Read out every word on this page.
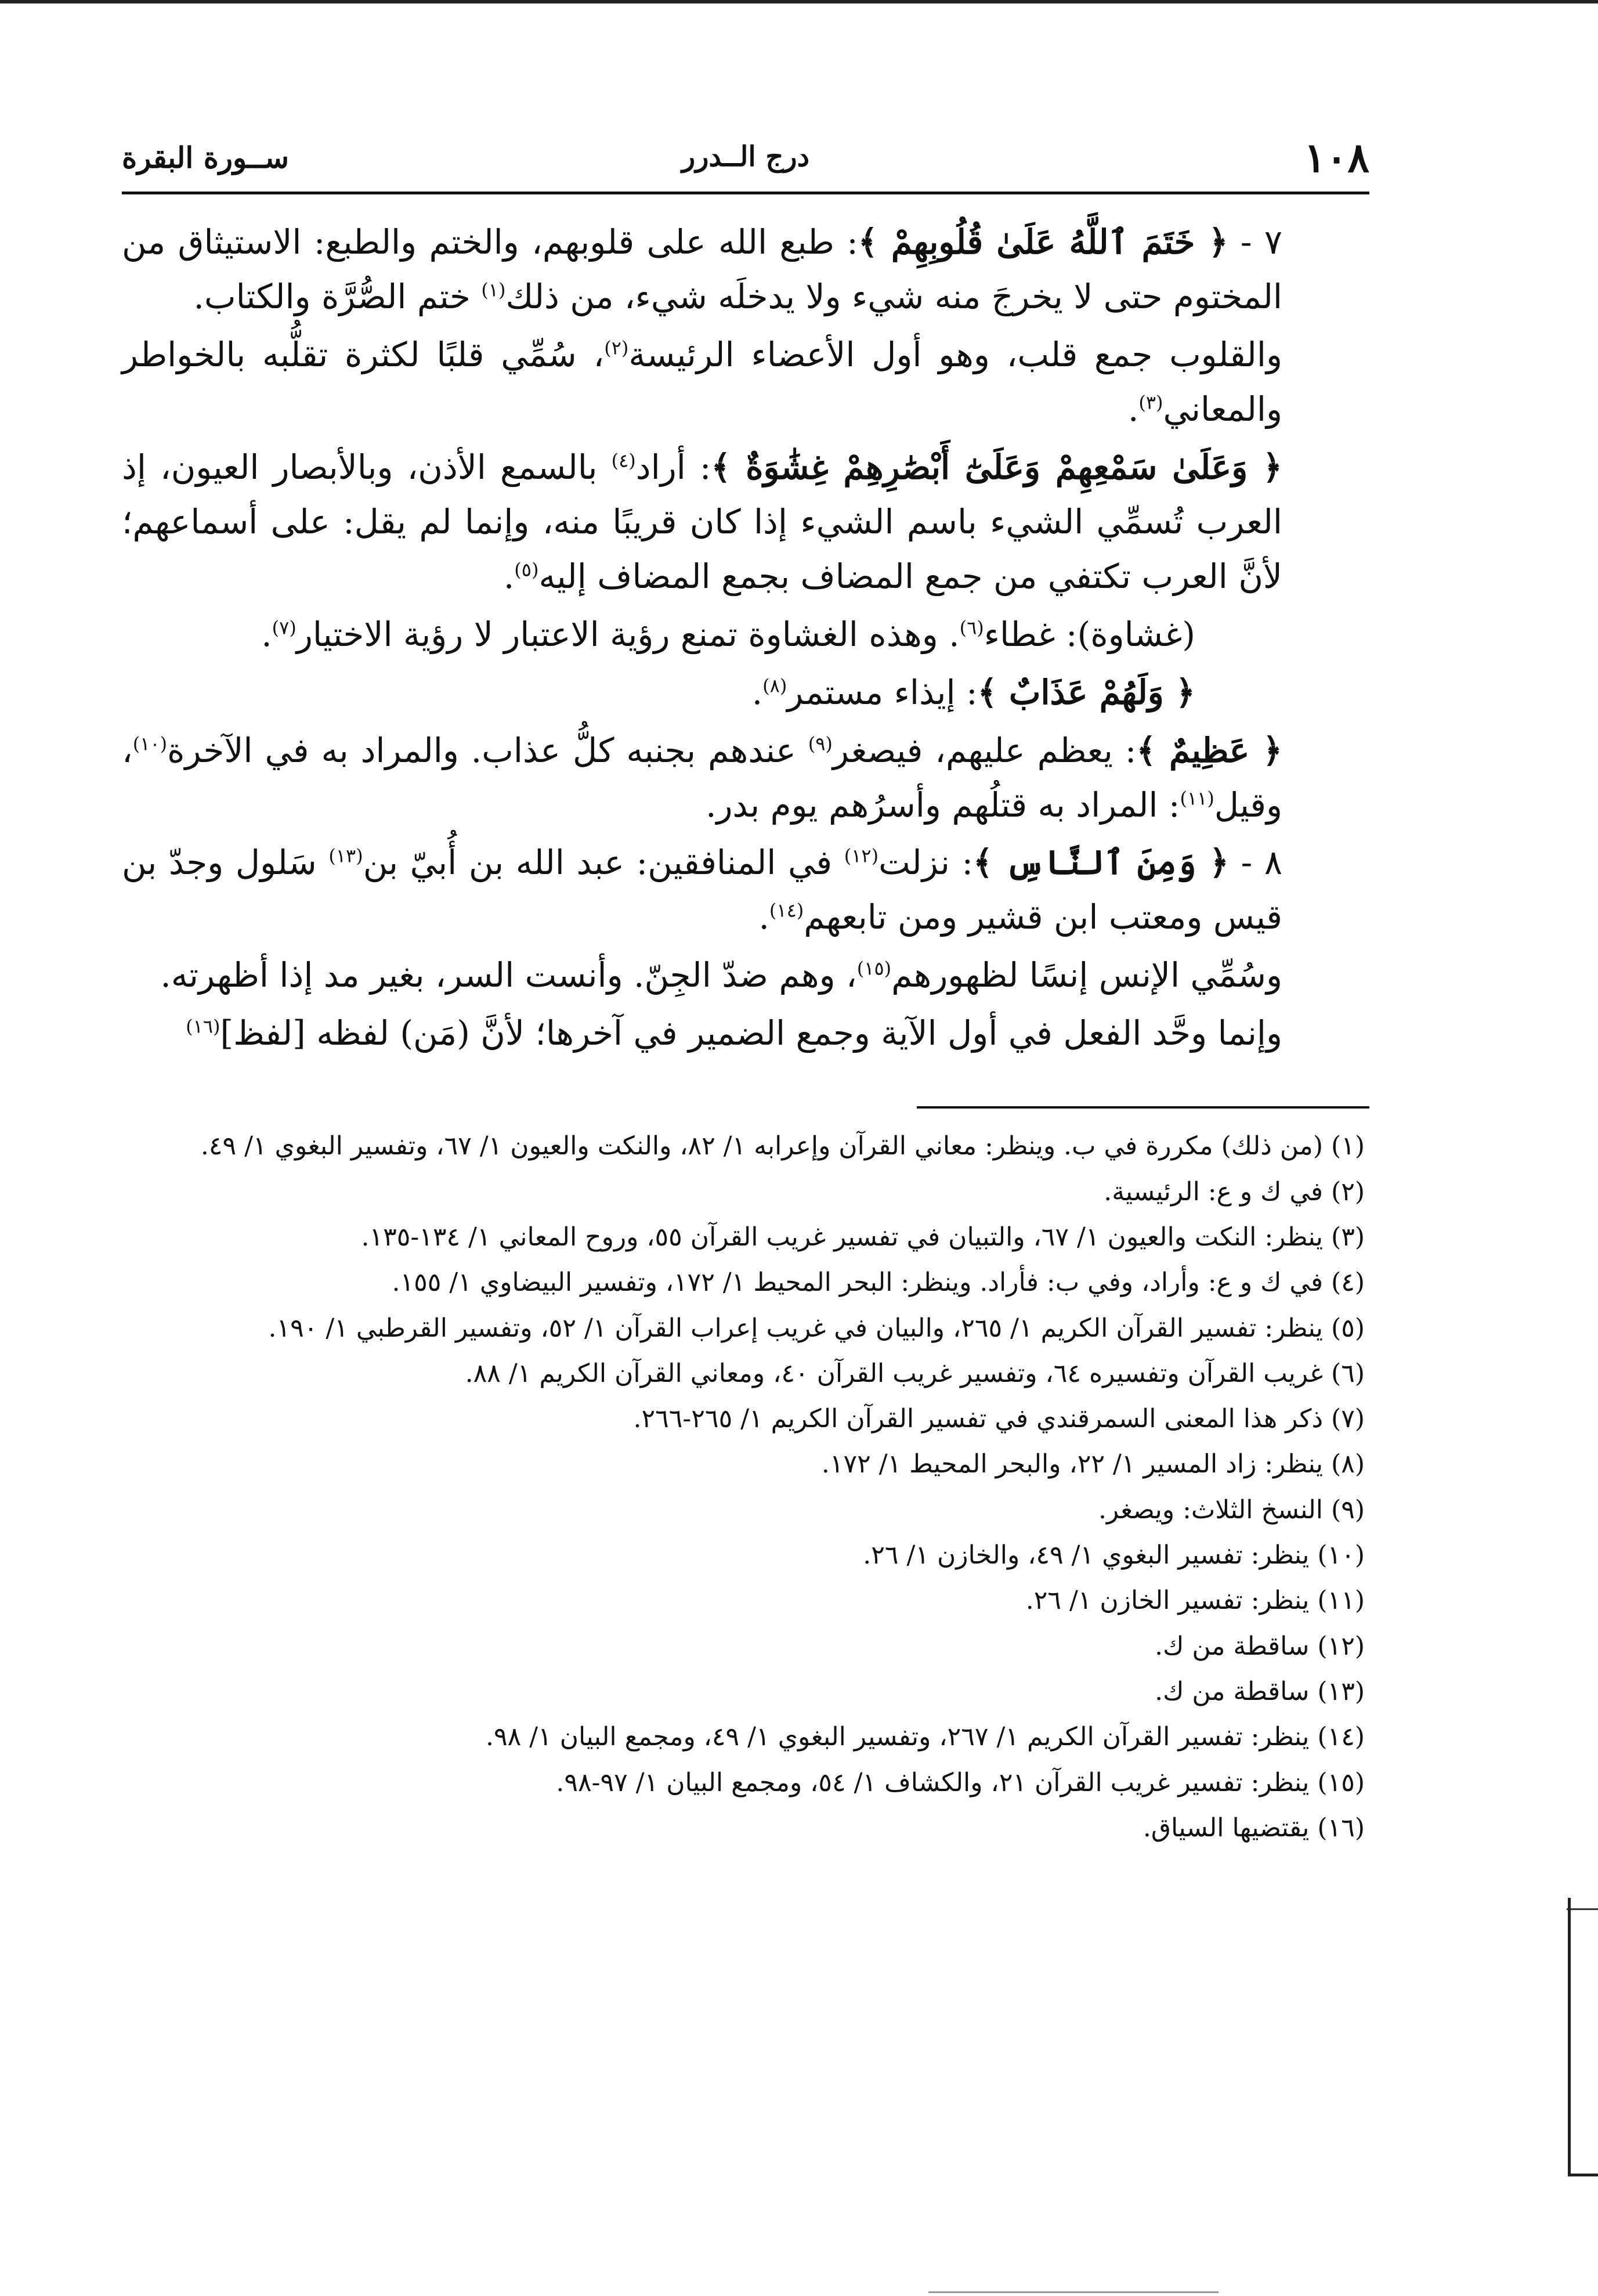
١٠٨
درج الــدرر
ســورة البقرة

٧ - ﴿ خَتَمَ ٱللَّهُ عَلَىٰ قُلُوبِهِمْ ﴾: طبع الله على قلوبهم، والختم والطبع: الاستيثاق من المختوم حتى لا يخرجَ منه شيء ولا يدخلَه شيء، من ذلك$^{(١)}$ ختم الصُّرَّة والكتاب.

والقلوب جمع قلب، وهو أول الأعضاء الرئيسة$^{(٢)}$، سُمِّي قلبًا لكثرة تقلُّبه بالخواطر والمعاني$^{(٣)}$.

﴿ وَعَلَىٰ سَمْعِهِمْ وَعَلَىٰٓ أَبْصَٰرِهِمْ غِشَٰوَةٌ ﴾: أراد$^{(٤)}$ بالسمع الأذن، وبالأبصار العيون، إذ العرب تُسمِّي الشيء باسم الشيء إذا كان قريبًا منه، وإنما لم يقل: على أسماعهم؛ لأنَّ العرب تكتفي من جمع المضاف بجمع المضاف إليه$^{(٥)}$.

(غشاوة): غطاء$^{(٦)}$. وهذه الغشاوة تمنع رؤية الاعتبار لا رؤية الاختيار$^{(٧)}$.

﴿ وَلَهُمْ عَذَابٌ ﴾: إيذاء مستمر$^{(٨)}$.

﴿ عَظِيمٌ ﴾: يعظم عليهم، فيصغر$^{(٩)}$ عندهم بجنبه كلُّ عذاب. والمراد به في الآخرة$^{(١٠)}$، وقيل$^{(١١)}$: المراد به قتلُهم وأسرُهم يوم بدر.

٨ - ﴿ وَمِنَ ٱلنَّاسِ ﴾: نزلت$^{(١٢)}$ في المنافقين: عبد الله بن أُبيّ بن$^{(١٣)}$ سَلول وجدّ بن قيس ومعتب ابن قشير ومن تابعهم$^{(١٤)}$.

وسُمِّي الإنس إنسًا لظهورهم$^{(١٥)}$، وهم ضدّ الجِنّ. وأنست السر، بغير مد إذا أظهرته.

وإنما وحَّد الفعل في أول الآية وجمع الضمير في آخرها؛ لأنَّ (مَن) لفظه [لفظ]$^{(١٦)}$

(١) (من ذلك) مكررة في ب. وينظر: معاني القرآن وإعرابه ١/ ٨٢، والنكت والعيون ١/ ٦٧، وتفسير البغوي ١/ ٤٩.
(٢) في ك و ع: الرئيسية.
(٣) ينظر: النكت والعيون ١/ ٦٧، والتبيان في تفسير غريب القرآن ٥٥، وروح المعاني ١/ ١٣٤-١٣٥.
(٤) في ك و ع: وأراد، وفي ب: فأراد. وينظر: البحر المحيط ١/ ١٧٢، وتفسير البيضاوي ١/ ١٥٥.
(٥) ينظر: تفسير القرآن الكريم ١/ ٢٦٥، والبيان في غريب إعراب القرآن ١/ ٥٢، وتفسير القرطبي ١/ ١٩٠.
(٦) غريب القرآن وتفسيره ٦٤، وتفسير غريب القرآن ٤٠، ومعاني القرآن الكريم ١/ ٨٨.
(٧) ذكر هذا المعنى السمرقندي في تفسير القرآن الكريم ١/ ٢٦٥-٢٦٦.
(٨) ينظر: زاد المسير ١/ ٢٢، والبحر المحيط ١/ ١٧٢.
(٩) النسخ الثلاث: ويصغر.
(١٠) ينظر: تفسير البغوي ١/ ٤٩، والخازن ١/ ٢٦.
(١١) ينظر: تفسير الخازن ١/ ٢٦.
(١٢) ساقطة من ك.
(١٣) ساقطة من ك.
(١٤) ينظر: تفسير القرآن الكريم ١/ ٢٦٧، وتفسير البغوي ١/ ٤٩، ومجمع البيان ١/ ٩٨.
(١٥) ينظر: تفسير غريب القرآن ٢١، والكشاف ١/ ٥٤، ومجمع البيان ١/ ٩٧-٩٨.
(١٦) يقتضيها السياق.
